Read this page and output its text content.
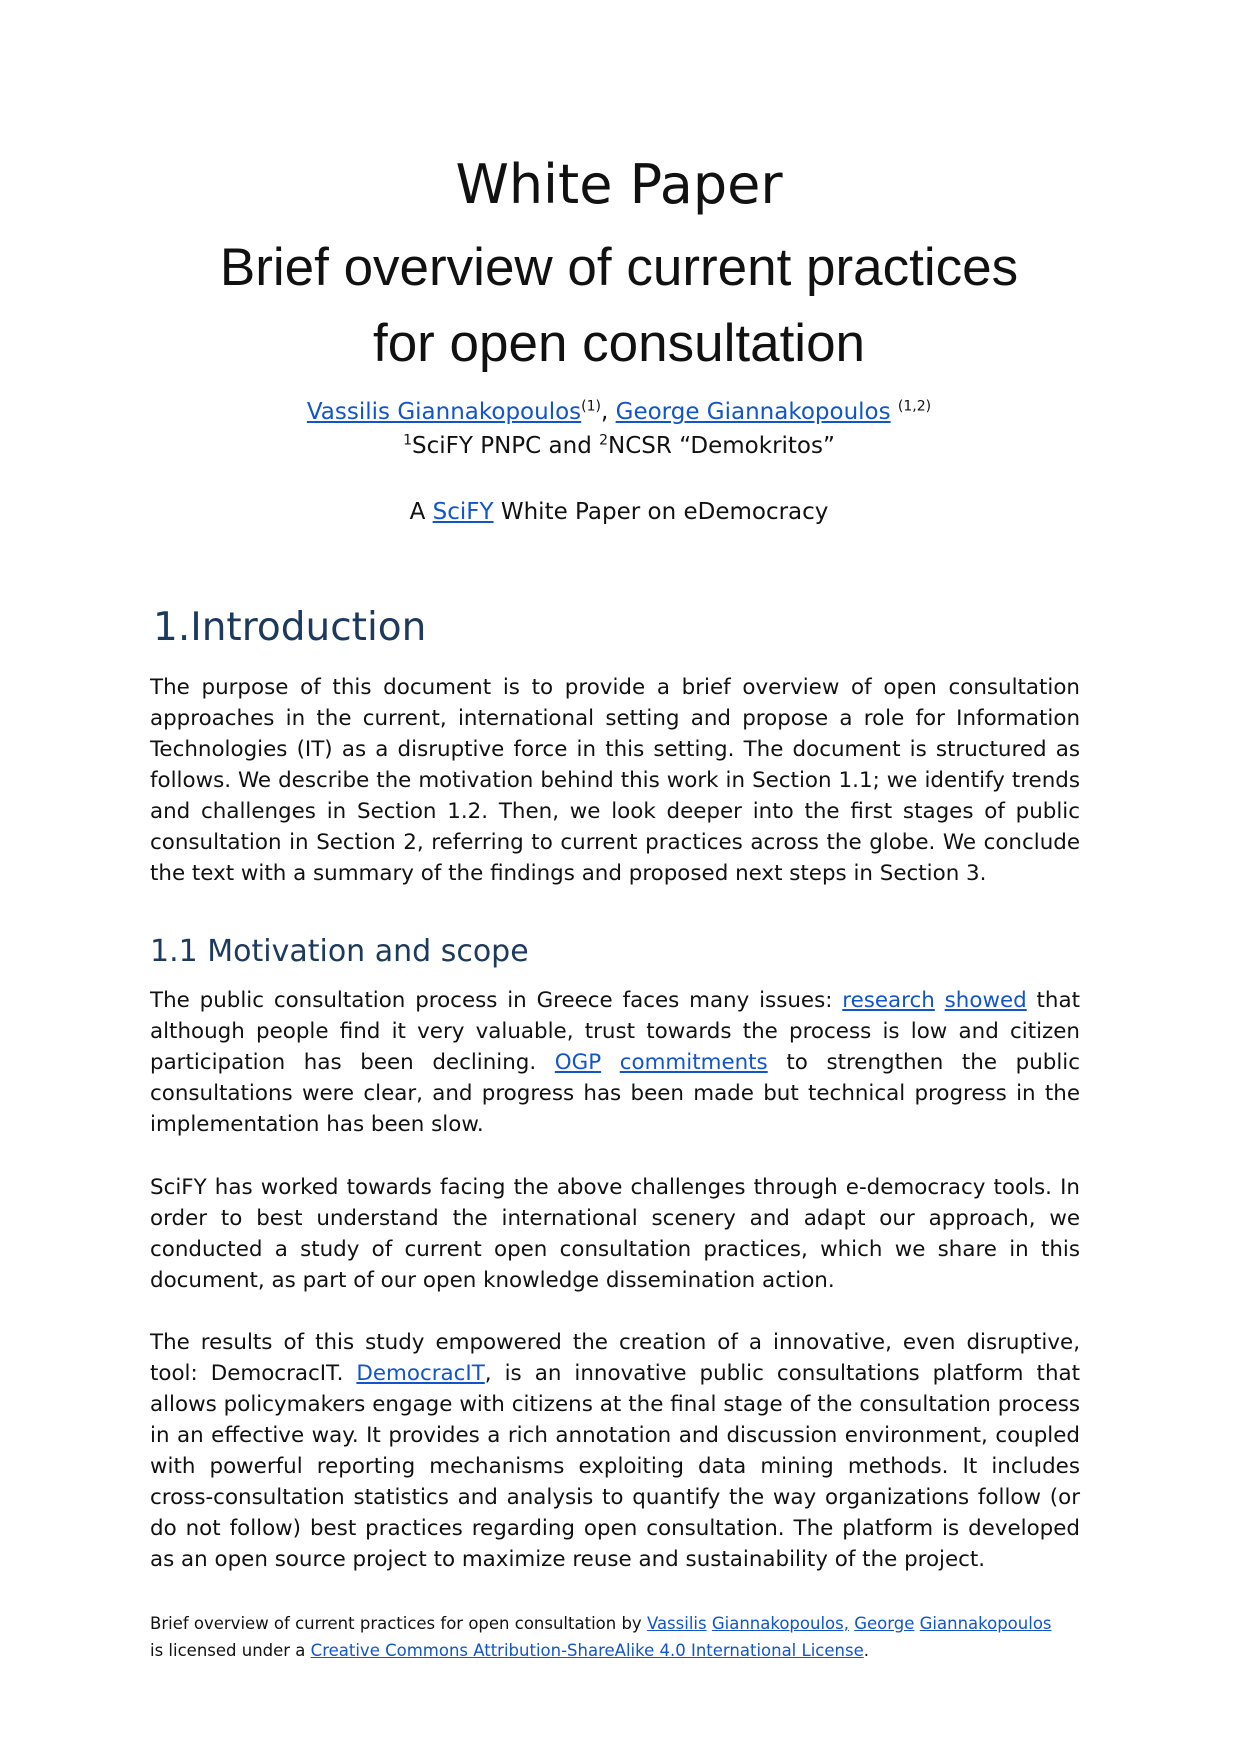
White Paper
Brief overview of current practices
for open consultation
Vassilis Giannakopoulos$^{(1)}$, George Giannakopoulos $^{(1,2)}$
$^1$SciFY PNPC and $^2$NCSR “Demokritos”
A SciFY White Paper on eDemocracy
1.Introduction
The purpose of this document is to provide a brief overview of open consultation approaches in the current, international setting and propose a role for Information Technologies (IT) as a disruptive force in this setting. The document is structured as follows. We describe the motivation behind this work in Section 1.1; we identify trends and challenges in Section 1.2. Then, we look deeper into the first stages of public consultation in Section 2, referring to current practices across the globe. We conclude the text with a summary of the findings and proposed next steps in Section 3.
1.1 Motivation and scope
The public consultation process in Greece faces many issues: research showed that although people find it very valuable, trust towards the process is low and citizen participation has been declining. OGP commitments to strengthen the public consultations were clear, and progress has been made but technical progress in the implementation has been slow.
SciFY has worked towards facing the above challenges through e-democracy tools. In order to best understand the international scenery and adapt our approach, we conducted a study of current open consultation practices, which we share in this document, as part of our open knowledge dissemination action.
The results of this study empowered the creation of a innovative, even disruptive, tool: DemocracIT. DemocracIT, is an innovative public consultations platform that allows policymakers engage with citizens at the final stage of the consultation process in an effective way. It provides a rich annotation and discussion environment, coupled with powerful reporting mechanisms exploiting data mining methods. It includes cross-consultation statistics and analysis to quantify the way organizations follow (or do not follow) best practices regarding open consultation. The platform is developed as an open source project to maximize reuse and sustainability of the project.
Brief overview of current practices for open consultation by Vassilis Giannakopoulos, George Giannakopoulos
is licensed under a Creative Commons Attribution-ShareAlike 4.0 International License.
